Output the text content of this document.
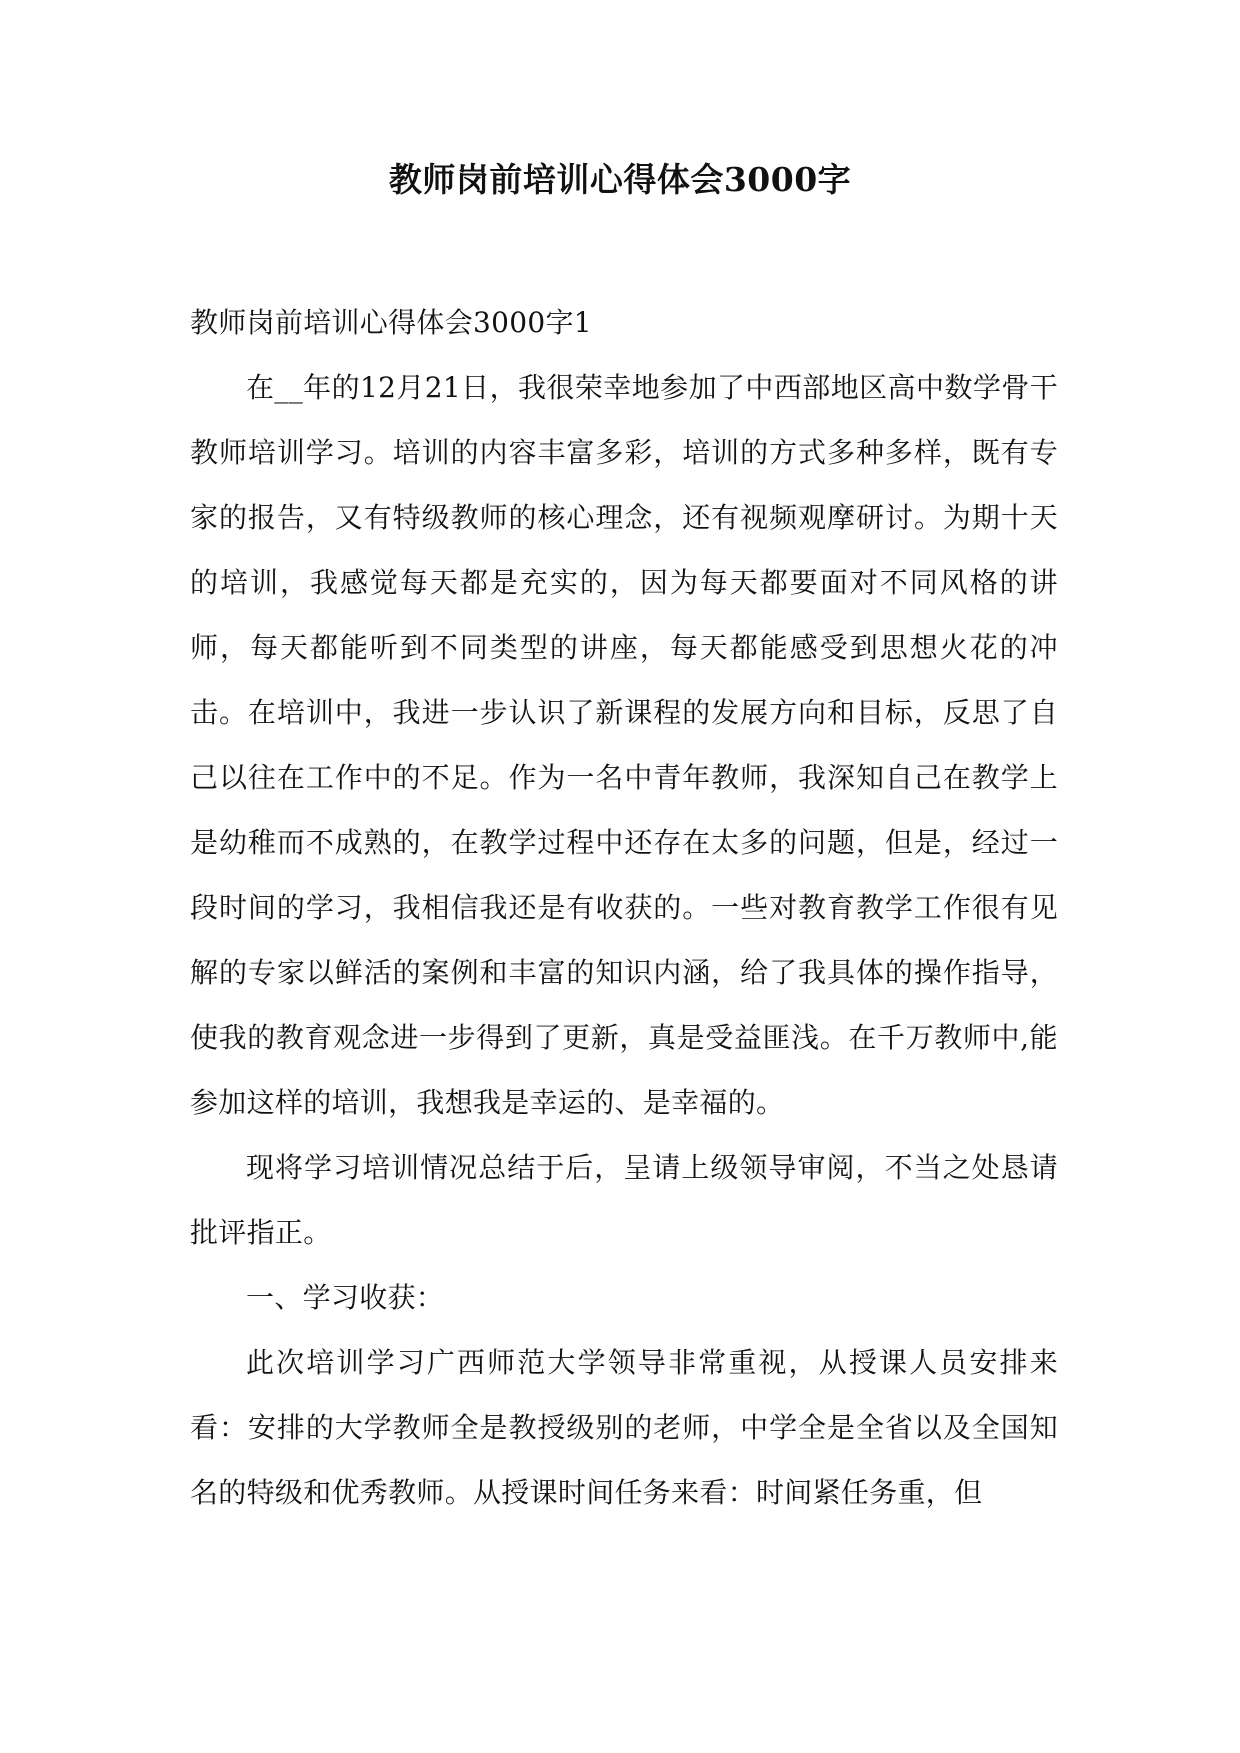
教师岗前培训心得体会3000字

教师岗前培训心得体会3000字1

在__年的12月21日，我很荣幸地参加了中西部地区高中数学骨干教师培训学习。培训的内容丰富多彩，培训的方式多种多样，既有专家的报告，又有特级教师的核心理念，还有视频观摩研讨。为期十天的培训，我感觉每天都是充实的，因为每天都要面对不同风格的讲师，每天都能听到不同类型的讲座，每天都能感受到思想火花的冲击。在培训中，我进一步认识了新课程的发展方向和目标，反思了自己以往在工作中的不足。作为一名中青年教师，我深知自己在教学上是幼稚而不成熟的，在教学过程中还存在太多的问题，但是，经过一段时间的学习，我相信我还是有收获的。一些对教育教学工作很有见解的专家以鲜活的案例和丰富的知识内涵，给了我具体的操作指导，使我的教育观念进一步得到了更新，真是受益匪浅。在千万教师中,能参加这样的培训，我想我是幸运的、是幸福的。

现将学习培训情况总结于后，呈请上级领导审阅，不当之处恳请批评指正。

一、学习收获：

此次培训学习广西师范大学领导非常重视，从授课人员安排来看：安排的大学教师全是教授级别的老师，中学全是全省以及全国知名的特级和优秀教师。从授课时间任务来看：时间紧任务重，但
